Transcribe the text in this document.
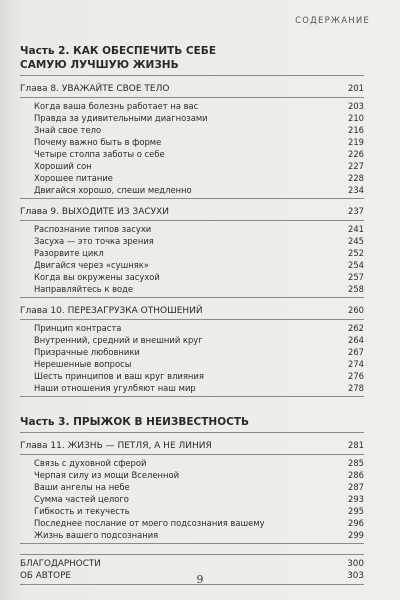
СОДЕРЖАНИЕ
Часть 2. КАК ОБЕСПЕЧИТЬ СЕБЕ
САМУЮ ЛУЧШУЮ ЖИЗНЬ
Глава 8. УВАЖАЙТЕ СВОЕ ТЕЛО	201
Когда ваша болезнь работает на вас	203
Правда за удивительными диагнозами	210
Знай свое тело	216
Почему важно быть в форме	219
Четыре столпа заботы о себе	226
Хороший сон	227
Хорошее питание	228
Двигайся хорошо, спеши медленно	234
Глава 9. ВЫХОДИТЕ ИЗ ЗАСУХИ	237
Распознание типов засухи	241
Засуха — это точка зрения	245
Разорвите цикл	252
Двигайся через «сушняк»	254
Когда вы окружены засухой	257
Направляйтесь к воде	258
Глава 10. ПЕРЕЗАГРУЗКА ОТНОШЕНИЙ	260
Принцип контраста	262
Внутренний, средний и внешний круг	264
Призрачные любовники	267
Нерешенные вопросы	274
Шесть принципов и ваш круг влияния	276
Наши отношения угулбяют наш мир	278
Часть 3. ПРЫЖОК В НЕИЗВЕСТНОСТЬ
Глава 11. ЖИЗНЬ — ПЕТЛЯ, А НЕ ЛИНИЯ	281
Связь с духовной сферой	285
Черпая силу из мощи Вселенной	286
Ваши ангелы на небе	287
Сумма частей целого	293
Гибкость и текучесть	295
Последнее послание от моего подсознания вашему	296
Жизнь вашего подсознания	299
БЛАГОДАРНОСТИ	300
ОБ АВТОРЕ	303
9
